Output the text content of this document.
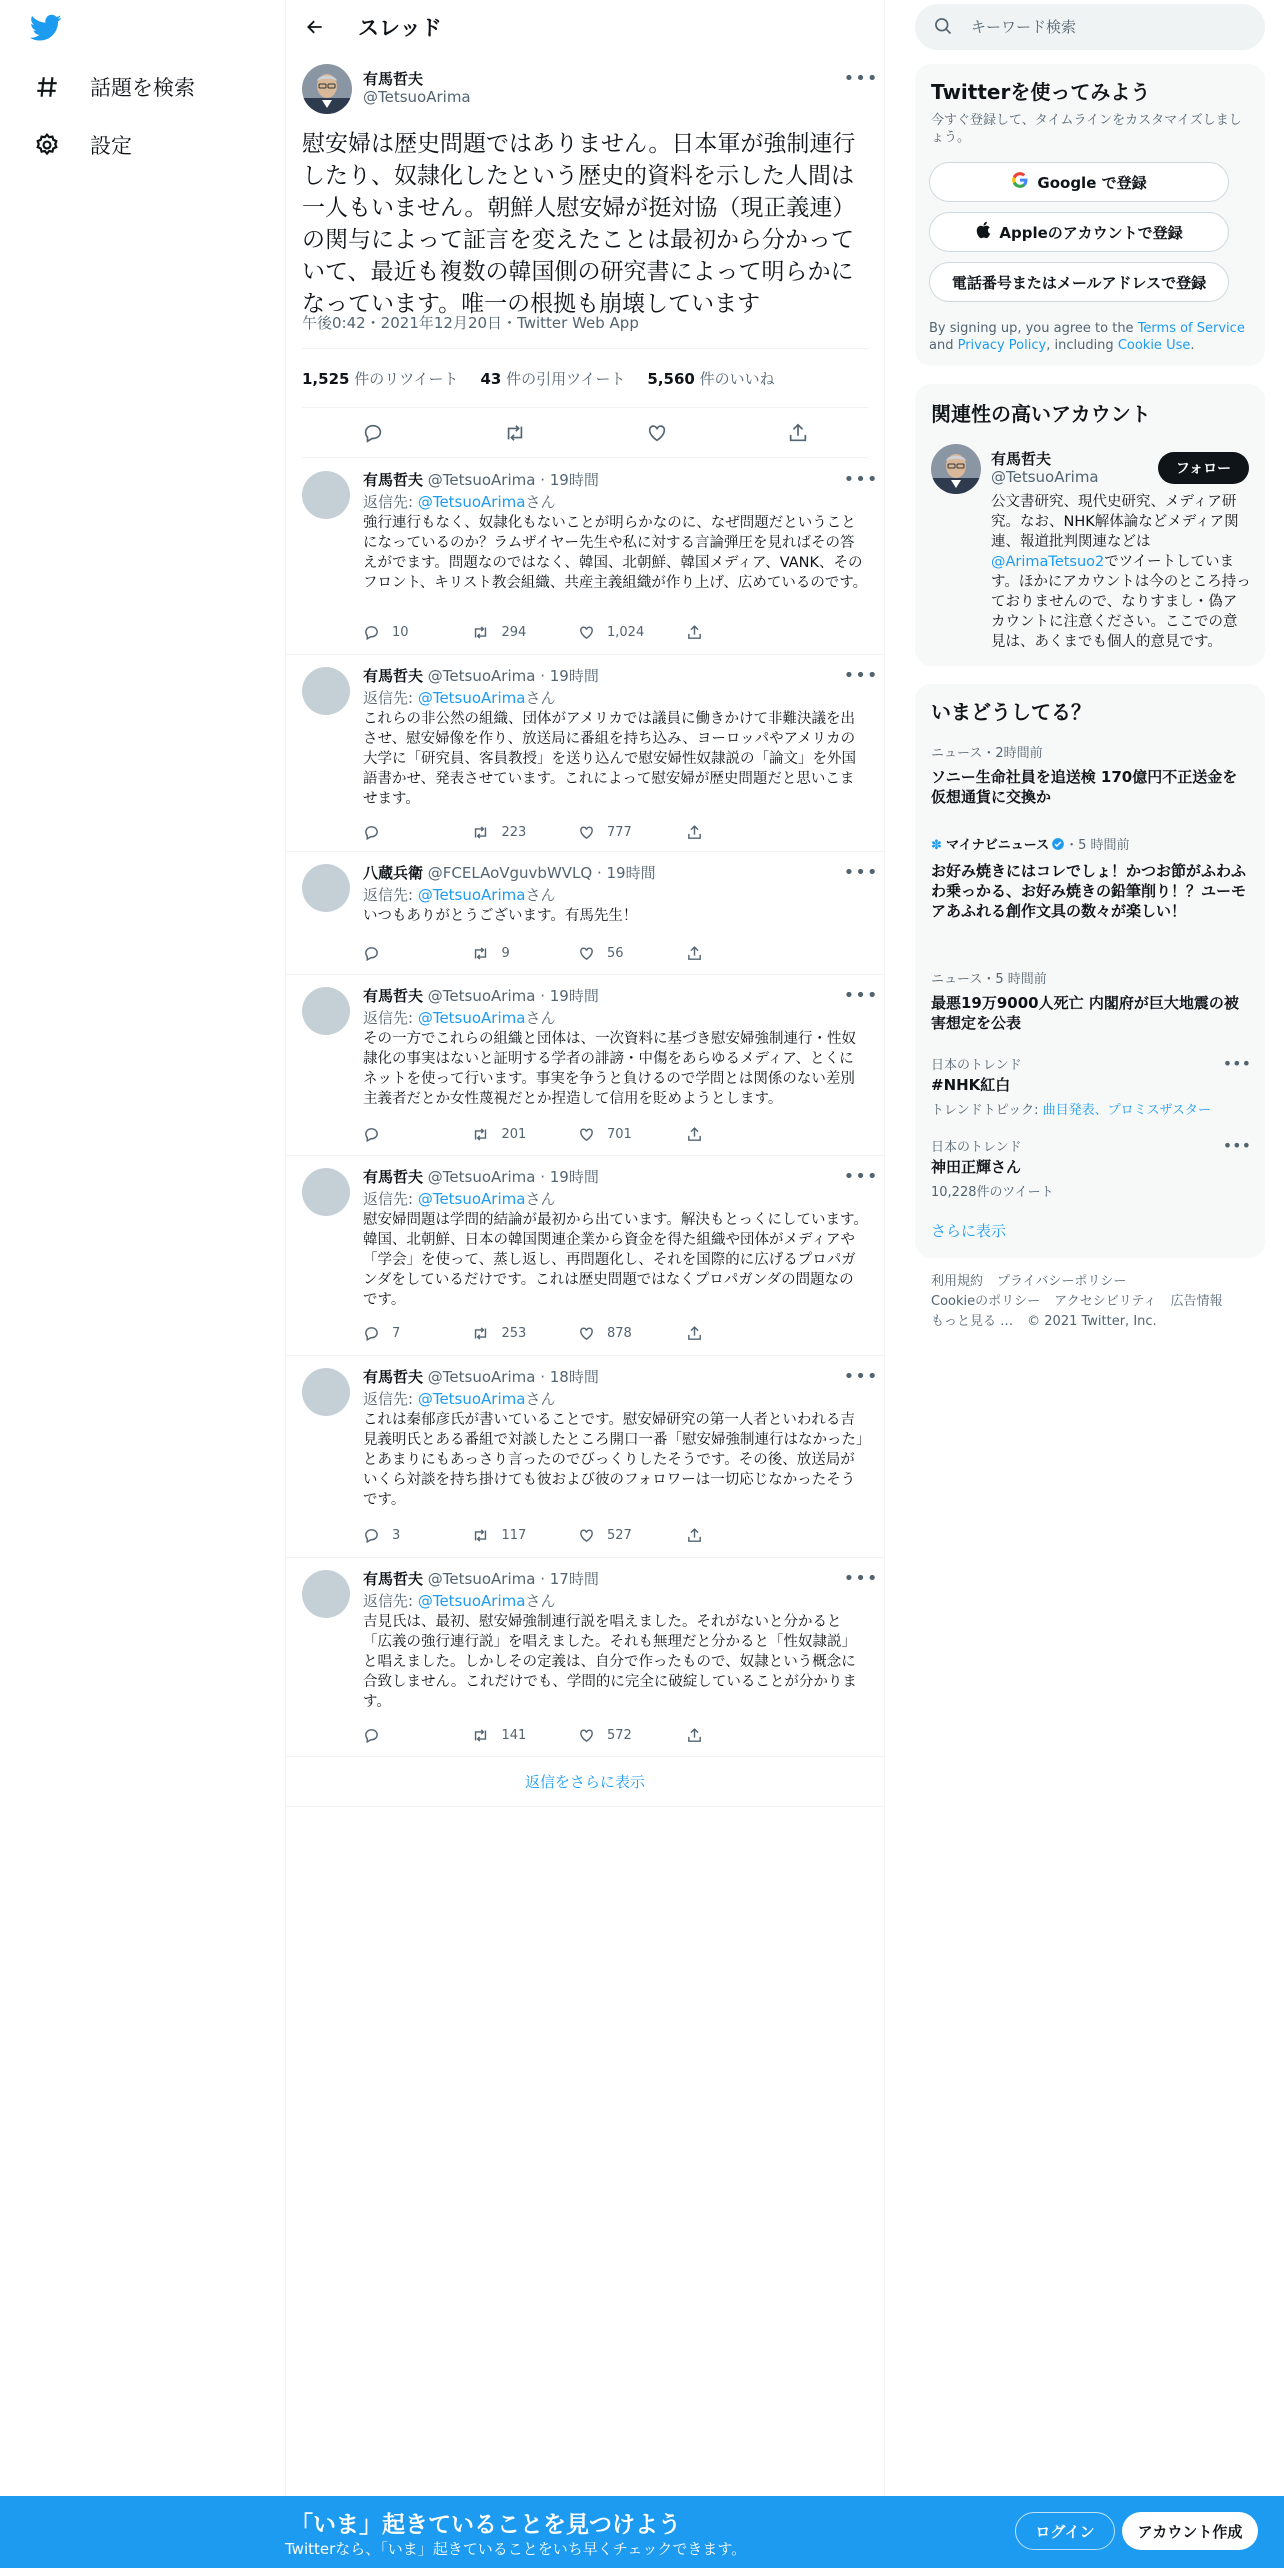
話題を検索
設定
スレッド
有馬哲夫
@TetsuoArima
•••
慰安婦は歴史問題ではありません。日本軍が強制連行したり、奴隷化したという歴史的資料を示した人間は一人もいません。朝鮮人慰安婦が挺対協（現正義連）の関与によって証言を変えたことは最初から分かっていて、最近も複数の韓国側の研究書によって明らかになっています。唯一の根拠も崩壊しています
午後0:42・2021年12月20日・Twitter Web App
1,525 件のリツイート 43 件の引用ツイート 5,560 件のいいね
有馬哲夫 @TetsuoArima · 19時間	•••
返信先: @TetsuoArimaさん
強行連行もなく、奴隷化もないことが明らかなのに、なぜ問題だということになっているのか？ラムザイヤー先生や私に対する言論弾圧を見ればその答えがでます。問題なのではなく、韓国、北朝鮮、韓国メディア、VANK、そのフロント、キリスト教会組織、共産主義組織が作り上げ、広めているのです。
10	294	1,024
有馬哲夫 @TetsuoArima · 19時間	•••
返信先: @TetsuoArimaさん
これらの非公然の組織、団体がアメリカでは議員に働きかけて非難決議を出させ、慰安婦像を作り、放送局に番組を持ち込み、ヨーロッパやアメリカの大学に「研究員、客員教授」を送り込んで慰安婦性奴隷説の「論文」を外国語書かせ、発表させています。これによって慰安婦が歴史問題だと思いこませます。
223	777
八蔵兵衛 @FCELAoVguvbWVLQ · 19時間	•••
返信先: @TetsuoArimaさん
いつもありがとうございます。有馬先生！
9	56
有馬哲夫 @TetsuoArima · 19時間	•••
返信先: @TetsuoArimaさん
その一方でこれらの組織と団体は、一次資料に基づき慰安婦強制連行・性奴隷化の事実はないと証明する学者の誹謗・中傷をあらゆるメディア、とくにネットを使って行います。事実を争うと負けるので学問とは関係のない差別主義者だとか女性蔑視だとか捏造して信用を貶めようとします。
201	701
有馬哲夫 @TetsuoArima · 19時間	•••
返信先: @TetsuoArimaさん
慰安婦問題は学問的結論が最初から出ています。解決もとっくにしています。韓国、北朝鮮、日本の韓国関連企業から資金を得た組織や団体がメディアや「学会」を使って、蒸し返し、再問題化し、それを国際的に広げるプロパガンダをしているだけです。これは歴史問題ではなくプロパガンダの問題なのです。
7	253	878
有馬哲夫 @TetsuoArima · 18時間	•••
返信先: @TetsuoArimaさん
これは秦郁彦氏が書いていることです。慰安婦研究の第一人者といわれる吉見義明氏とある番組で対談したところ開口一番「慰安婦強制連行はなかった」とあまりにもあっさり言ったのでびっくりしたそうです。その後、放送局がいくら対談を持ち掛けても彼および彼のフォロワーは一切応じなかったそうです。
3	117	527
有馬哲夫 @TetsuoArima · 17時間	•••
返信先: @TetsuoArimaさん
吉見氏は、最初、慰安婦強制連行説を唱えました。それがないと分かると「広義の強行連行説」を唱えました。それも無理だと分かると「性奴隷説」と唱えました。しかしその定義は、自分で作ったもので、奴隷という概念に合致しません。これだけでも、学問的に完全に破綻していることが分かります。
141	572
返信をさらに表示
キーワード検索
Twitterを使ってみよう
今すぐ登録して、タイムラインをカスタマイズしましょう。
Google で登録
Appleのアカウントで登録
電話番号またはメールアドレスで登録
By signing up, you agree to the Terms of Service and Privacy Policy, including Cookie Use.
関連性の高いアカウント
有馬哲夫
@TetsuoArima	フォロー
公文書研究、現代史研究、メディア研究。なお、NHK解体論などメディア関連、報道批判関連などは@ArimaTetsuo2でツイートしています。ほかにアカウントは今のところ持っておりませんので、なりすまし・偽アカウントに注意ください。ここでの意見は、あくまでも個人的意見です。
いまどうしてる？
ニュース・2時間前
ソニー生命社員を追送検 170億円不正送金を仮想通貨に交換か
✽ マイナビニュース ・5 時間前
お好み焼きにはコレでしょ！かつお節がふわふわ乗っかる、お好み焼きの鉛筆削り！？ユーモアあふれる創作文具の数々が楽しい！
ニュース・5 時間前
最悪19万9000人死亡 内閣府が巨大地震の被害想定を公表
日本のトレンド
#NHK紅白
トレンドトピック: 曲目発表、プロミスザスター
•••
日本のトレンド
神田正輝さん
10,228件のツイート
•••
さらに表示
利用規約 プライバシーポリシー
Cookieのポリシー アクセシビリティ 広告情報
もっと見る … © 2021 Twitter, Inc.
「いま」起きていることを見つけよう
Twitterなら、「いま」起きていることをいち早くチェックできます。
ログイン	アカウント作成
